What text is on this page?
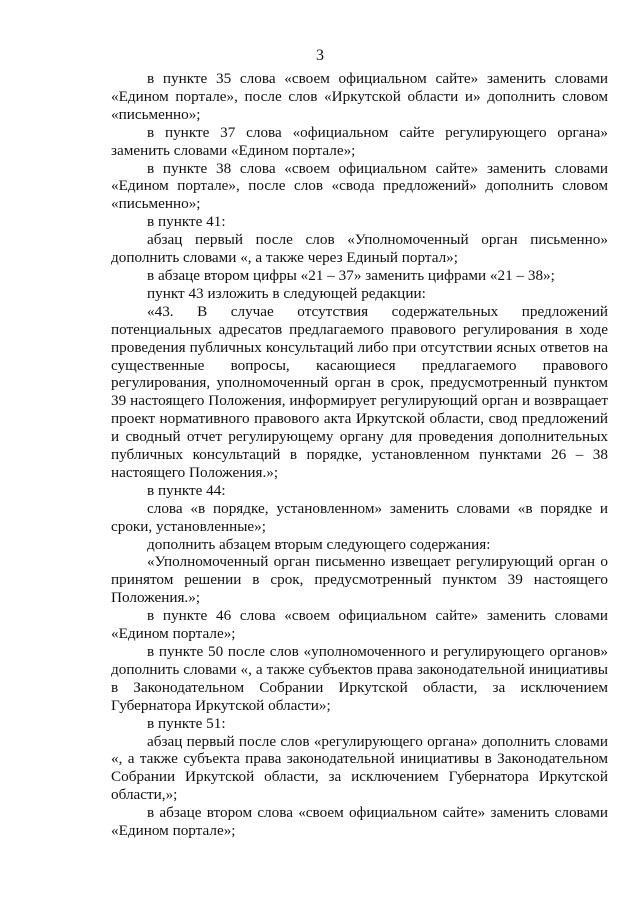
3

в пункте 35 слова «своем официальном сайте» заменить словами «Едином портале», после слов «Иркутской области и» дополнить словом «письменно»;

в пункте 37 слова «официальном сайте регулирующего органа» заменить словами «Едином портале»;

в пункте 38 слова «своем официальном сайте» заменить словами «Едином портале», после слов «свода предложений» дополнить словом «письменно»;

в пункте 41:

абзац первый после слов «Уполномоченный орган письменно» дополнить словами «, а также через Единый портал»;

в абзаце втором цифры «21 – 37» заменить цифрами «21 – 38»;

пункт 43 изложить в следующей редакции:

«43. В случае отсутствия содержательных предложений потенциальных адресатов предлагаемого правового регулирования в ходе проведения публичных консультаций либо при отсутствии ясных ответов на существенные вопросы, касающиеся предлагаемого правового регулирования, уполномоченный орган в срок, предусмотренный пунктом 39 настоящего Положения, информирует регулирующий орган и возвращает проект нормативного правового акта Иркутской области, свод предложений и сводный отчет регулирующему органу для проведения дополнительных публичных консультаций в порядке, установленном пунктами 26 – 38 настоящего Положения.»;

в пункте 44:

слова «в порядке, установленном» заменить словами «в порядке и сроки, установленные»;

дополнить абзацем вторым следующего содержания:

«Уполномоченный орган письменно извещает регулирующий орган о принятом решении в срок, предусмотренный пунктом 39 настоящего Положения.»;

в пункте 46 слова «своем официальном сайте» заменить словами «Едином портале»;

в пункте 50 после слов «уполномоченного и регулирующего органов» дополнить словами «, а также субъектов права законодательной инициативы в Законодательном Собрании Иркутской области, за исключением Губернатора Иркутской области»;

в пункте 51:

абзац первый после слов «регулирующего органа» дополнить словами «, а также субъекта права законодательной инициативы в Законодательном Собрании Иркутской области, за исключением Губернатора Иркутской области,»;

в абзаце втором слова «своем официальном сайте» заменить словами «Едином портале»;
